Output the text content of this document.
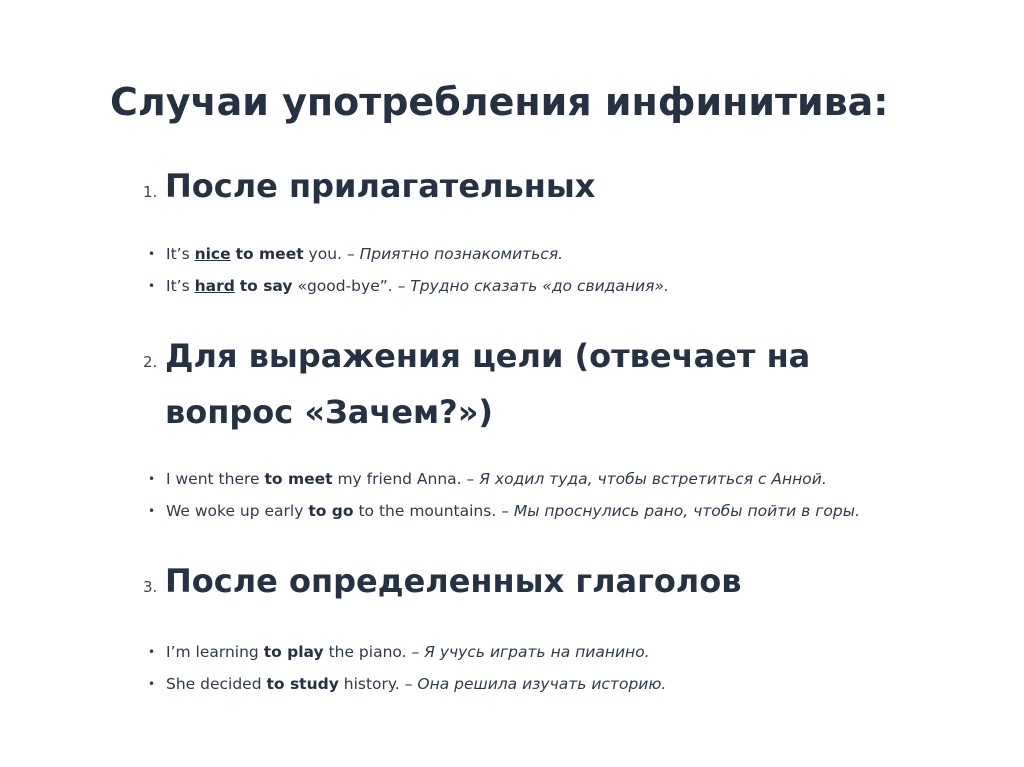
Случаи употребления инфинитива:
1. После прилагательных
• It’s nice to meet you. – Приятно познакомиться.
• It’s hard to say «good-bye”. – Трудно сказать «до свидания».
2. Для выражения цели (отвечает на
вопрос «Зачем?»)
• I went there to meet my friend Anna. – Я ходил туда, чтобы встретиться с Анной.
• We woke up early to go to the mountains. – Мы проснулись рано, чтобы пойти в горы.
3. После определенных глаголов
• I’m learning to play the piano. – Я учусь играть на пианино.
• She decided to study history. – Она решила изучать историю.
